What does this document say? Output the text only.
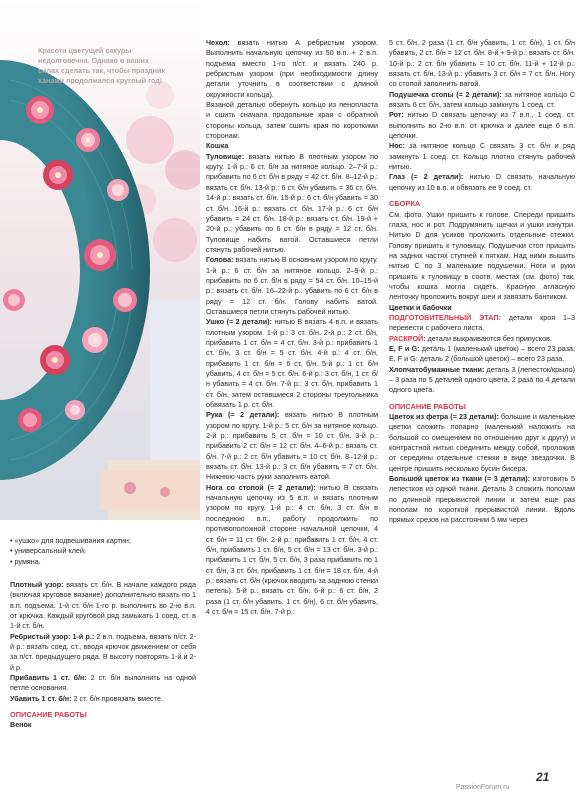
Красота цветущей сакуры недолговечна. Однако в ваших силах сделать так, чтобы праздник ханами продолжался круглый год!
• «ушко» для подвешивания картин;
• универсальный клей;
• румяна.

Плотный узор: вязать ст. б/н. В начале каждого ряда (включая круговое вязание) дополнительно вязать по 1 в.п. подъема. 1-й ст. б/н 1-го р. выполнить во 2-ю в.п. от крючка. Каждый круговой ряд замыкать 1 соед. ст. в 1-й ст. б/н.

Ребристый узор: 1-й р.: 2 в.п. подъема, вязать п/ст. 2-й р.: вязать соед. ст., вводя крючок движением от себя за п/ст. предыдущего ряда. В высоту повторять 1-й и 2-й р.

Прибавить 1 ст. б/н: 2 ст. б/н выполнить на одной петле основания.

Убавить 1 ст. б/н: 2 ст. б/н провязать вместе.

ОПИСАНИЕ РАБОТЫ

Венок

Чехол: вязать нитью А ребристым узором. Выполнить начальную цепочку из 50 в.п. + 2 в.п. подъема вместо 1-го п/ст. и вязать 240 р. ребристым узором (при необходимости длину детали уточнить в соответствии с длиной окружности кольца).

Вязаной деталью обернуть кольцо из пенопласта и сшить сначала продольные края с обратной стороны кольца, затем сшить края по короткими сторонам.

Кошка

Туловище: вязать нитью В плотным узором по кругу. 1-й р.: 6 ст. б/н за нитяное кольцо. 2–7-й р.: прибавить по 6 ст. б/н в ряду = 42 ст. б/н. 8–12-й р.: вязать ст. б/н. 13-й р.: 6 ст. б/н убавить = 36 ст. б/н. 14-й р.: вязать ст. б/н. 15-й р.: 6 ст. б/н убавить = 30 ст. б/н. 16-й р.: вязать ст. б/н. 17-й р.: 6 ст. б/н убавить = 24 ст. б/н. 18-й р.: вязать ст. б/н. 19-й + 20-й р.: убавить по 6 ст. б/н в ряду = 12 ст. б/н. Туловище набить ватой. Оставшиеся петли стянуть рабочей нитью.

Голова: вязать нитью В основным узором по кругу. 1-й р.: 6 ст. б/н за нитяное кольцо. 2–9-й р.: прибавить по 6 ст. б/н в ряду = 54 ст. б/н. 10–15-й р.: вязать ст. б/н. 16–22-й р.: убавить по 6 ст. б/н в ряду = 12 ст. б/н. Голову набить ватой. Оставшиеся петли стянуть рабочей нитью.

Ушко (= 2 детали): нитью В вязать 4 в.п. и вязать плотным узором. 1-й р.: 3 ст. б/н. 2-й р.: 2 ст. б/н, прибавить 1 ст. б/н = 4 ст. б/н. 3-й р.: прибавить 1 ст. б/н, 3 ст. б/н = 5 ст. б/н. 4-й р.: 4 ст. б/н, прибавить 1 ст. б/н = 6 ст. б/н. 5-й р.: 1 ст. б/н убавить, 4 ст. б/н = 5 ст. б/н. 6-й р.: 3 ст. б/н, 1 ст. б/н убавить = 4 ст. б/н. 7-й р.: 3 ст. б/н, прибавить 1 ст. б/н, затем оставшиеся 2 стороны треугольника обвязать 1 р. ст. б/н.

Рука (= 2 детали): вязать нитью В плотным узором по кругу. 1-й р.: 5 ст. б/н за нитяное кольцо. 2-й р.: прибавить 5 ст. б/н = 10 ст. б/н. 3-й р.: прибавить 2 ст. б/н = 12 ст. б/н. 4–6-й р.: вязать ст. б/н. 7-й р.: 2 ст. б/н убавить = 10 ст. б/н. 8–12-й р.: вязать ст. б/н. 13-й р.: 3 ст. б/н убавить = 7 ст. б/н. Нижнюю часть руки заполнить ватой.

Нога со стопой (= 2 детали): нитью В связать начальную цепочку из 5 в.п. и вязать плотным узором по кругу. 1-й р.: 4 ст. б/н, 3 ст. б/н в последнюю в.п., работу продолжить по противоположной стороне начальной цепочки, 4 ст. б/н = 11 ст. б/н. 2-й р.: прибавить 1 ст. б/н, 4 ст. б/н, прибавить 1 ст. б/н, 5 ст. б/н = 13 ст. б/н. 3-й р.: прибавить 1 ст. б/н, 5 ст. б/н, 3 раза прибавить по 1 ст. б/н, 3 ст. б/н, прибавить 1 ст. б/н = 18 ст. б/н. 4-й р.: вязать ст. б/н (крючок вводить за заднюю стенки петель). 5-й р.: вязать ст. б/н. 6-й р.: 6 ст. б/н, 2 раза (1 ст. б/н убавить, 1 ст. б/н), 6 ст. б/н убавить, 4 ст. б/н = 15 ст. б/н. 7-й р.:

5 ст. б/н, 2 раза (1 ст. б/н убавить, 1 ст. б/н), 1 ст. б/н убавить, 2 ст. б/н = 12 ст. б/н. 8-й + 9-й р.: вязать ст. б/н. 10-й р.: 2 ст. б/н убавить = 10 ст. б/н. 11-й + 12-й р.: вязать ст. б/н. 13-й р.: убавить 3 ст. б/н = 7 ст. б/н. Ногу со стопой заполнить ватой.

Подушечка стопы (= 2 детали): за нитяное кольцо С вязать 6 ст. б/н, затем кольцо замкнуть 1 соед. ст.

Рот: нитью D связать цепочку из 7 в.п., 1 соед. ст. выполнить во 2-ю в.п. от крючка и далее еще 6 в.п. цепочки.

Нос: за нитяное кольцо С связать 3 ст. б/н и ряд замкнуть 1 соед. ст. Кольцо плотно стянуть рабочей нитью.

Глаз (= 2 детали): нитью D связать начальную цепочку из 10 в.п. и обвязать ее 9 соед. ст.

СБОРКА

См. фото. Ушки пришить к голове. Спереди пришить глаза, нос и рот. Подрумянить щечки и ушки изнутри. Нитью D для усиков проложить отдельные стежки. Голову пришить к туловищу. Подушечки стоп пришить на задних частях ступней к пяткам. Над ними вышить нитью С по 3 маленькие подушечки. Ноги и руки пришить к туловищу в соотв. местах (см. фото) так, чтобы кошка могла сидеть. Красную атласную ленточку проложить вокруг шеи и завязать бантиком.

Цветки и бабочки

ПОДГОТОВИТЕЛЬНЫЙ ЭТАП: детали кроя 1–3 перевести с рабочего листа.

РАСКРОЙ: детали выкраиваются без припусков.

E, F и G: деталь 1 (маленький цветок) – всего 23 раза; E, F и G: деталь 2 (большой цветок) – всего 23 раза.

Хлопчатобумажные ткани: деталь 3 (лепесток/крыло) – 3 раза по 5 деталей одного цвета, 2 раза по 4 детали одного цвета.

ОПИСАНИЕ РАБОТЫ

Цветок из фетра (= 23 детали): большие и маленькие цветки сложить попарно (маленький наложить на большой со смещением по отношению друг к другу) и контрастной нитью соединить между собой, проложив от середины отдельные стежки в виде звездочки. В центре пришить несколько бусин бисера.

Большой цветок из ткани (= 3 детали): изготовить 5 лепестков из одной ткани. Деталь 3 сложить пополам по длинной прерывистой линии и затем еще раз пополам по короткой прерывистой линии. Вдоль прямых срезов на расстоянии 5 мм через

21
PassionForum.ru
